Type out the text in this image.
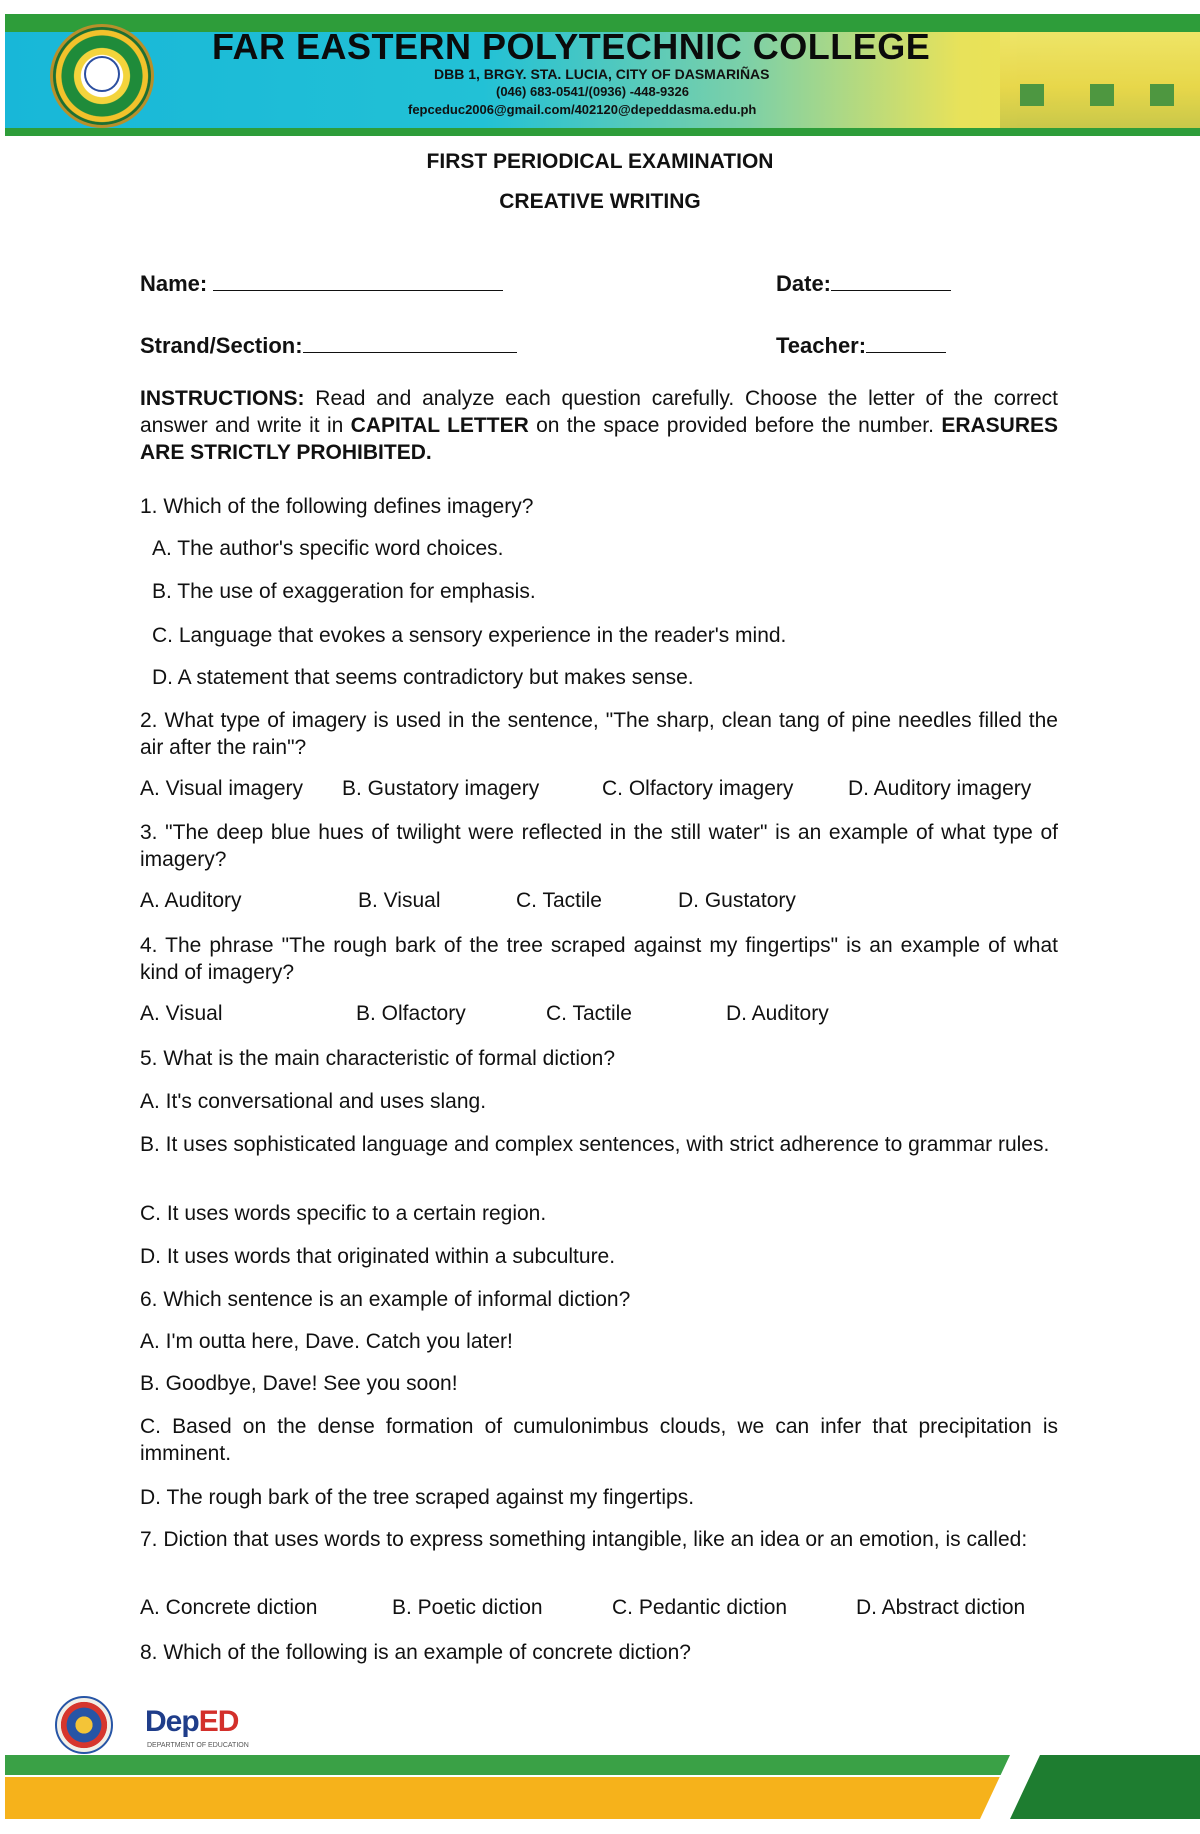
FAR EASTERN POLYTECHNIC COLLEGE
DBB 1, BRGY. STA. LUCIA, CITY OF DASMARIÑAS
(046) 683-0541/(0936) -448-9326
fepceduc2006@gmail.com/402120@depeddasma.edu.ph
FIRST PERIODICAL EXAMINATION
CREATIVE WRITING
Name:	Date:
Strand/Section:	Teacher:
INSTRUCTIONS: Read and analyze each question carefully. Choose the letter of the correct answer and write it in CAPITAL LETTER on the space provided before the number. ERASURES ARE STRICTLY PROHIBITED.
1. Which of the following defines imagery?
A. The author's specific word choices.
B. The use of exaggeration for emphasis.
C. Language that evokes a sensory experience in the reader's mind.
D. A statement that seems contradictory but makes sense.
2. What type of imagery is used in the sentence, "The sharp, clean tang of pine needles filled the air after the rain"?
A. Visual imagery B. Gustatory imagery	C. Olfactory imagery	D. Auditory imagery
3. "The deep blue hues of twilight were reflected in the still water" is an example of what type of imagery?
A. Auditory	B. Visual	C. Tactile	D. Gustatory
4. The phrase "The rough bark of the tree scraped against my fingertips" is an example of what kind of imagery?
A. Visual	B. Olfactory	C. Tactile	D. Auditory
5. What is the main characteristic of formal diction?
A. It's conversational and uses slang.
B. It uses sophisticated language and complex sentences, with strict adherence to grammar rules.
C. It uses words specific to a certain region.
D. It uses words that originated within a subculture.
6. Which sentence is an example of informal diction?
A. I'm outta here, Dave. Catch you later!
B. Goodbye, Dave! See you soon!
C. Based on the dense formation of cumulonimbus clouds, we can infer that precipitation is imminent.
D. The rough bark of the tree scraped against my fingertips.
7. Diction that uses words to express something intangible, like an idea or an emotion, is called:
A. Concrete diction	B. Poetic diction	C. Pedantic diction	D. Abstract diction
8. Which of the following is an example of concrete diction?
DepED
DEPARTMENT OF EDUCATION
